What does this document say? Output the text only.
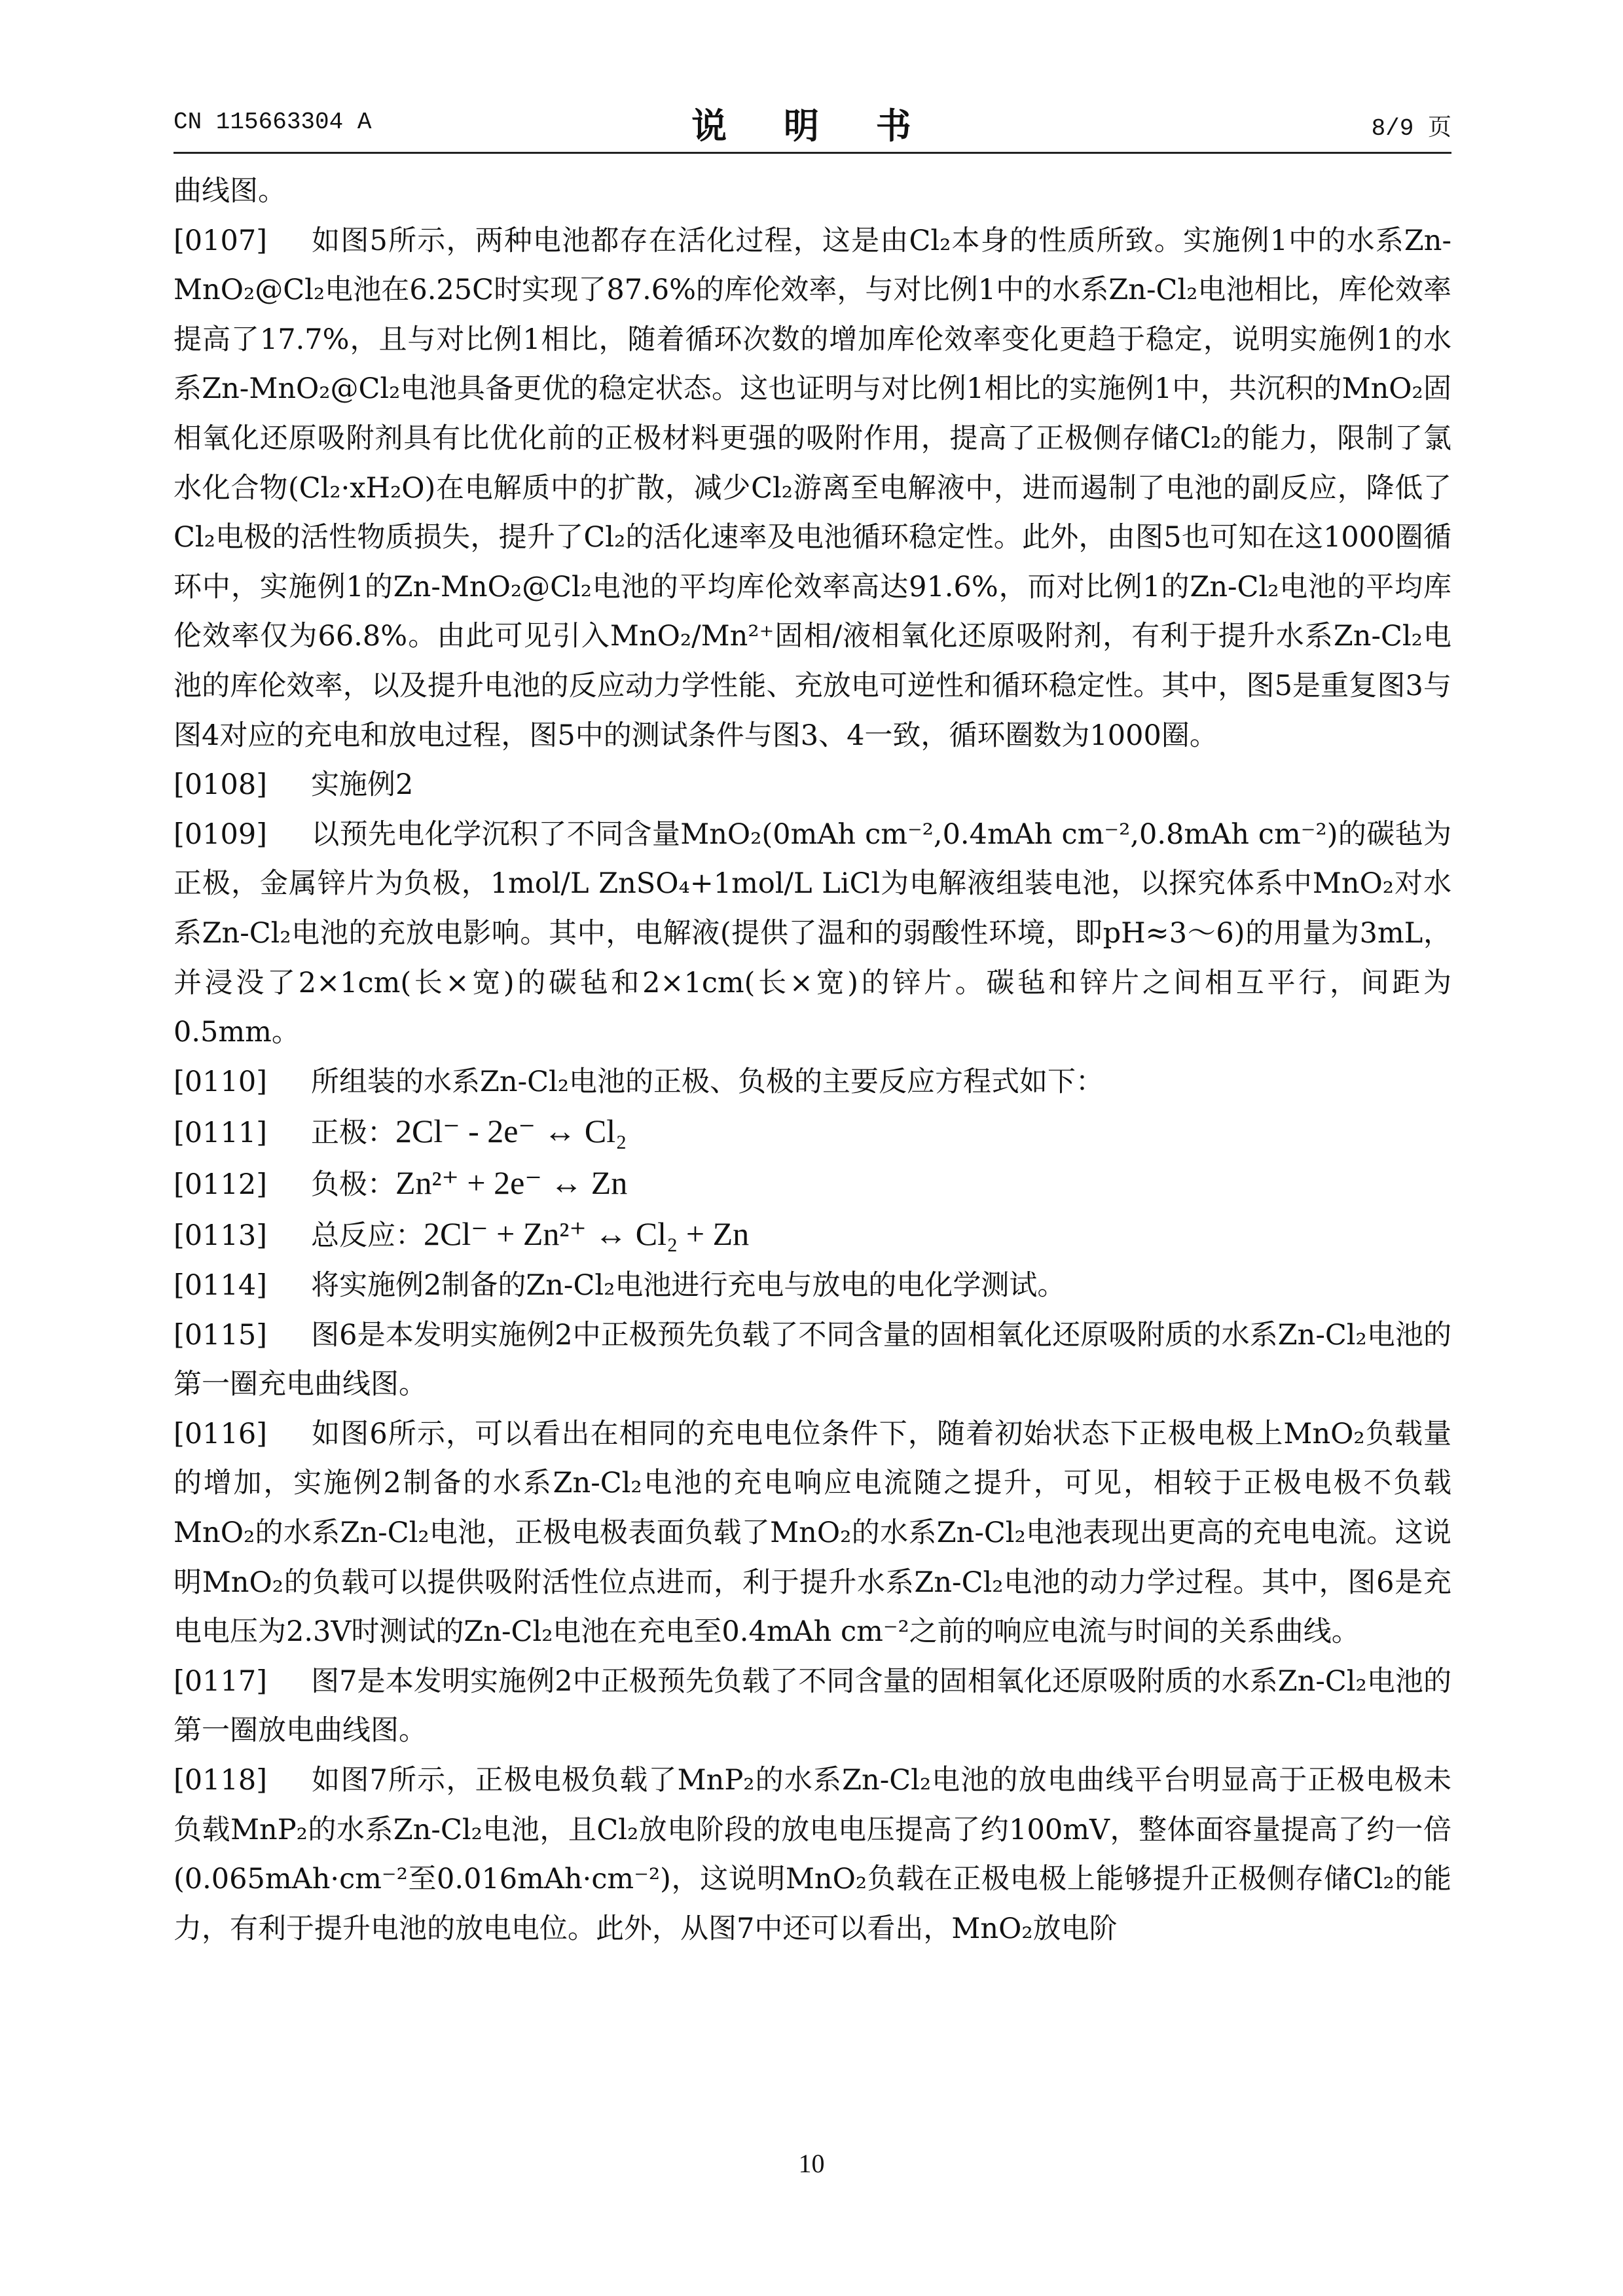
CN 115663304 A	说 明 书	8/9 页

曲线图。

[0107] 如图5所示，两种电池都存在活化过程，这是由Cl₂本身的性质所致。实施例1中的水系Zn-MnO₂@Cl₂电池在6.25C时实现了87.6%的库伦效率，与对比例1中的水系Zn-Cl₂电池相比，库伦效率提高了17.7%，且与对比例1相比，随着循环次数的增加库伦效率变化更趋于稳定，说明实施例1的水系Zn-MnO₂@Cl₂电池具备更优的稳定状态。这也证明与对比例1相比的实施例1中，共沉积的MnO₂固相氧化还原吸附剂具有比优化前的正极材料更强的吸附作用，提高了正极侧存储Cl₂的能力，限制了氯水化合物(Cl₂·xH₂O)在电解质中的扩散，减少Cl₂游离至电解液中，进而遏制了电池的副反应，降低了Cl₂电极的活性物质损失，提升了Cl₂的活化速率及电池循环稳定性。此外，由图5也可知在这1000圈循环中，实施例1的Zn-MnO₂@Cl₂电池的平均库伦效率高达91.6%，而对比例1的Zn-Cl₂电池的平均库伦效率仅为66.8%。由此可见引入MnO₂/Mn²⁺固相/液相氧化还原吸附剂，有利于提升水系Zn-Cl₂电池的库伦效率，以及提升电池的反应动力学性能、充放电可逆性和循环稳定性。其中，图5是重复图3与图4对应的充电和放电过程，图5中的测试条件与图3、4一致，循环圈数为1000圈。

[0108] 实施例2

[0109] 以预先电化学沉积了不同含量MnO₂(0mAh cm⁻²,0.4mAh cm⁻²,0.8mAh cm⁻²)的碳毡为正极，金属锌片为负极，1mol/L ZnSO₄+1mol/L LiCl为电解液组装电池，以探究体系中MnO₂对水系Zn-Cl₂电池的充放电影响。其中，电解液(提供了温和的弱酸性环境，即pH≈3～6)的用量为3mL，并浸没了2×1cm(长×宽)的碳毡和2×1cm(长×宽)的锌片。碳毡和锌片之间相互平行，间距为0.5mm。

[0110] 所组装的水系Zn-Cl₂电池的正极、负极的主要反应方程式如下：

[0111] 正极：2Cl⁻ - 2e⁻ ↔ Cl₂

[0112] 负极：Zn²⁺ + 2e⁻ ↔ Zn

[0113] 总反应：2Cl⁻ + Zn²⁺ ↔ Cl₂ + Zn

[0114] 将实施例2制备的Zn-Cl₂电池进行充电与放电的电化学测试。

[0115] 图6是本发明实施例2中正极预先负载了不同含量的固相氧化还原吸附质的水系Zn-Cl₂电池的第一圈充电曲线图。

[0116] 如图6所示，可以看出在相同的充电电位条件下，随着初始状态下正极电极上MnO₂负载量的增加，实施例2制备的水系Zn-Cl₂电池的充电响应电流随之提升，可见，相较于正极电极不负载MnO₂的水系Zn-Cl₂电池，正极电极表面负载了MnO₂的水系Zn-Cl₂电池表现出更高的充电电流。这说明MnO₂的负载可以提供吸附活性位点进而，利于提升水系Zn-Cl₂电池的动力学过程。其中，图6是充电电压为2.3V时测试的Zn-Cl₂电池在充电至0.4mAh cm⁻²之前的响应电流与时间的关系曲线。

[0117] 图7是本发明实施例2中正极预先负载了不同含量的固相氧化还原吸附质的水系Zn-Cl₂电池的第一圈放电曲线图。

[0118] 如图7所示，正极电极负载了MnP₂的水系Zn-Cl₂电池的放电曲线平台明显高于正极电极未负载MnP₂的水系Zn-Cl₂电池，且Cl₂放电阶段的放电电压提高了约100mV，整体面容量提高了约一倍(0.065mAh·cm⁻²至0.016mAh·cm⁻²)，这说明MnO₂负载在正极电极上能够提升正极侧存储Cl₂的能力，有利于提升电池的放电电位。此外，从图7中还可以看出，MnO₂放电阶

10
